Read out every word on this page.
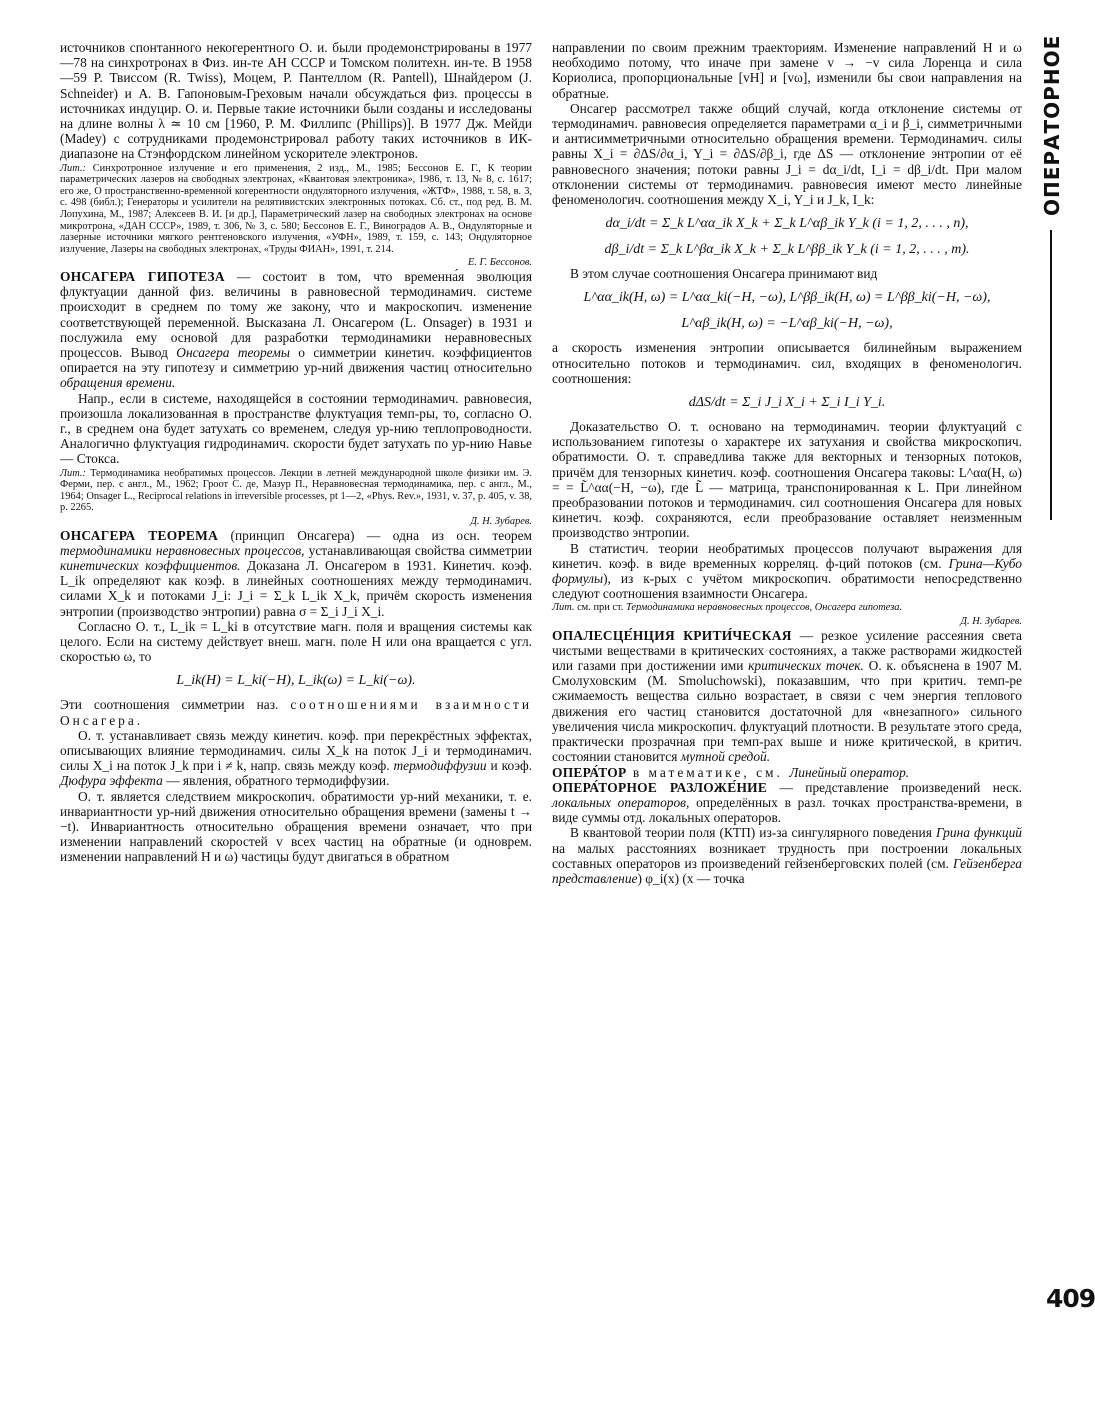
ОПЕРАТОРНОЕ
409

источников спонтанного некогерентного О. и. были продемонстрированы в 1977—78 на синхротронах в Физ. ин-те АН СССР и Томском политехн. ин-те. В 1958—59 Р. Твиссом (R. Twiss), Моцем, Р. Пантеллом (R. Pantell), Шнайдером (J. Schneider) и А. В. Гапоновым-Греховым начали обсуждаться физ. процессы в источниках индуцир. О. и. Первые такие источники были созданы и исследованы на длине волны λ ≃ 10 см [1960, Р. М. Филлипс (Phillips)]. В 1977 Дж. Мейди (Madey) с сотрудниками продемонстрировал работу таких источников в ИК-диапазоне на Стэнфордском линейном ускорителе электронов.

Лит.: Синхротронное излучение и его применения, 2 изд., М., 1985; Бессонов Е. Г., К теории параметрических лазеров на свободных электронах, «Квантовая электроника», 1986, т. 13, № 8, с. 1617; его же, О пространственно-временной когерентности ондуляторного излучения, «ЖТФ», 1988, т. 58, в. 3, с. 498 (библ.); Генераторы и усилители на релятивистских электронных потоках. Сб. ст., под ред. В. М. Лопухина, М., 1987; Алексеев В. И. [и др.], Параметрический лазер на свободных электронах на основе микротрона, «ДАН СССР», 1989, т. 306, № 3, с. 580; Бессонов Е. Г., Виноградов А. В., Ондуляторные и лазерные источники мягкого рентгеновского излучения, «УФН», 1989, т. 159, с. 143; Ондуляторное излучение, Лазеры на свободных электронах, «Труды ФИАН», 1991, т. 214.

Е. Г. Бессонов.

ОНСАГЕРА ГИПОТЕЗА — состоит в том, что временна́я эволюция флуктуации данной физ. величины в равновесной термодинамич. системе происходит в среднем по тому же закону, что и макроскопич. изменение соответствующей переменной. Высказана Л. Онсагером (L. Onsager) в 1931 и послужила ему основой для разработки термодинамики неравновесных процессов. Вывод Онсагера теоремы о симметрии кинетич. коэффициентов опирается на эту гипотезу и симметрию ур-ний движения частиц относительно обращения времени.

Напр., если в системе, находящейся в состоянии термодинамич. равновесия, произошла локализованная в пространстве флуктуация темп-ры, то, согласно О. г., в среднем она будет затухать со временем, следуя ур-нию теплопроводности. Аналогично флуктуация гидродинамич. скорости будет затухать по ур-нию Навье — Стокса.

Лит.: Термодинамика необратимых процессов. Лекции в летней международной школе физики им. Э. Ферми, пер. с англ., М., 1962; Гроот С. де, Мазур П., Неравновесная термодинамика, пер. с англ., М., 1964; Onsager L., Reciprocal relations in irreversible processes, pt 1—2, «Phys. Rev.», 1931, v. 37, p. 405, v. 38, p. 2265.

Д. Н. Зубарев.

ОНСАГЕРА ТЕОРЕМА (принцип Онсагера) — одна из осн. теорем термодинамики неравновесных процессов, устанавливающая свойства симметрии кинетических коэффициентов. Доказана Л. Онсагером в 1931. Кинетич. коэф. L_ik определяют как коэф. в линейных соотношениях между термодинамич. силами X_k и потоками J_i: J_i = Σ_k L_ik X_k, причём скорость изменения энтропии (производство энтропии) равна σ = Σ_i J_i X_i.

Согласно О. т., L_ik = L_ki в отсутствие магн. поля и вращения системы как целого. Если на систему действует внеш. магн. поле H или она вращается с угл. скоростью ω, то

L_ik(H) = L_ki(−H), L_ik(ω) = L_ki(−ω).

Эти соотношения симметрии наз. соотношениями взаимности Онсагера.

О. т. устанавливает связь между кинетич. коэф. при перекрёстных эффектах, описывающих влияние термодинамич. силы X_k на поток J_i и термодинамич. силы X_i на поток J_k при i ≠ k, напр. связь между коэф. термодиффузии и коэф. Дюфура эффекта — явления, обратного термодиффузии.

О. т. является следствием микроскопич. обратимости ур-ний механики, т. е. инвариантности ур-ний движения относительно обращения времени (замены t → −t). Инвариантность относительно обращения времени означает, что при изменении направлений скоростей v всех частиц на обратные (и одноврем. изменении направлений H и ω) частицы будут двигаться в обратном

направлении по своим прежним траекториям. Изменение направлений H и ω необходимо потому, что иначе при замене v → −v сила Лоренца и сила Кориолиса, пропорциональные [vH] и [vω], изменили бы свои направления на обратные.

Онсагер рассмотрел также общий случай, когда отклонение системы от термодинамич. равновесия определяется параметрами α_i и β_i, симметричными и антисимметричными относительно обращения времени. Термодинамич. силы равны X_i = ∂ΔS/∂α_i, Y_i = ∂ΔS/∂β_i, где ΔS — отклонение энтропии от её равновесного значения; потоки равны J_i = dα_i/dt, I_i = dβ_i/dt. При малом отклонении системы от термодинамич. равновесия имеют место линейные феноменологич. соотношения между X_i, Y_i и J_k, I_k:

dα_i/dt = Σ_k L^αα_ik X_k + Σ_k L^αβ_ik Y_k (i = 1, 2, . . . , n),

dβ_i/dt = Σ_k L^βα_ik X_k + Σ_k L^ββ_ik Y_k (i = 1, 2, . . . , m).

В этом случае соотношения Онсагера принимают вид

L^αα_ik(H, ω) = L^αα_ki(−H, −ω), L^ββ_ik(H, ω) = L^ββ_ki(−H, −ω),

L^αβ_ik(H, ω) = −L^αβ_ki(−H, −ω),

а скорость изменения энтропии описывается билинейным выражением относительно потоков и термодинамич. сил, входящих в феноменологич. соотношения:

dΔS/dt = Σ_i J_i X_i + Σ_i I_i Y_i.

Доказательство О. т. основано на термодинамич. теории флуктуаций с использованием гипотезы о характере их затухания и свойства микроскопич. обратимости. О. т. справедлива также для векторных и тензорных потоков, причём для тензорных кинетич. коэф. соотношения Онсагера таковы: L^αα(H, ω) = = L̃^αα(−H, −ω), где L̃ — матрица, транспонированная к L. При линейном преобразовании потоков и термодинамич. сил соотношения Онсагера для новых кинетич. коэф. сохраняются, если преобразование оставляет неизменным производство энтропии.

В статистич. теории необратимых процессов получают выражения для кинетич. коэф. в виде временных корреляц. ф-ций потоков (см. Грина—Кубо формулы), из к-рых с учётом микроскопич. обратимости непосредственно следуют соотношения взаимности Онсагера.

Лит. см. при ст. Термодинамика неравновесных процессов, Онсагера гипотеза.

Д. Н. Зубарев.

ОПАЛЕСЦЕ́НЦИЯ КРИТИ́ЧЕСКАЯ — резкое усиление рассеяния света чистыми веществами в критических состояниях, а также растворами жидкостей или газами при достижении ими критических точек. О. к. объяснена в 1907 М. Смолуховским (M. Smoluchowski), показавшим, что при критич. темп-ре сжимаемость вещества сильно возрастает, в связи с чем энергия теплового движения его частиц становится достаточной для «внезапного» сильного увеличения числа микроскопич. флуктуаций плотности. В результате этого среда, практически прозрачная при темп-рах выше и ниже критической, в критич. состоянии становится мутной средой.

ОПЕРА́ТОР в математике, см. Линейный оператор.

ОПЕРА́ТОРНОЕ РАЗЛОЖЕ́НИЕ — представление произведений неск. локальных операторов, определённых в разл. точках пространства-времени, в виде суммы отд. локальных операторов.

В квантовой теории поля (КТП) из-за сингулярного поведения Грина функций на малых расстояниях возникает трудность при построении локальных составных операторов из произведений гейзенберговских полей (см. Гейзенберга представление) φ_i(x) (x — точка
